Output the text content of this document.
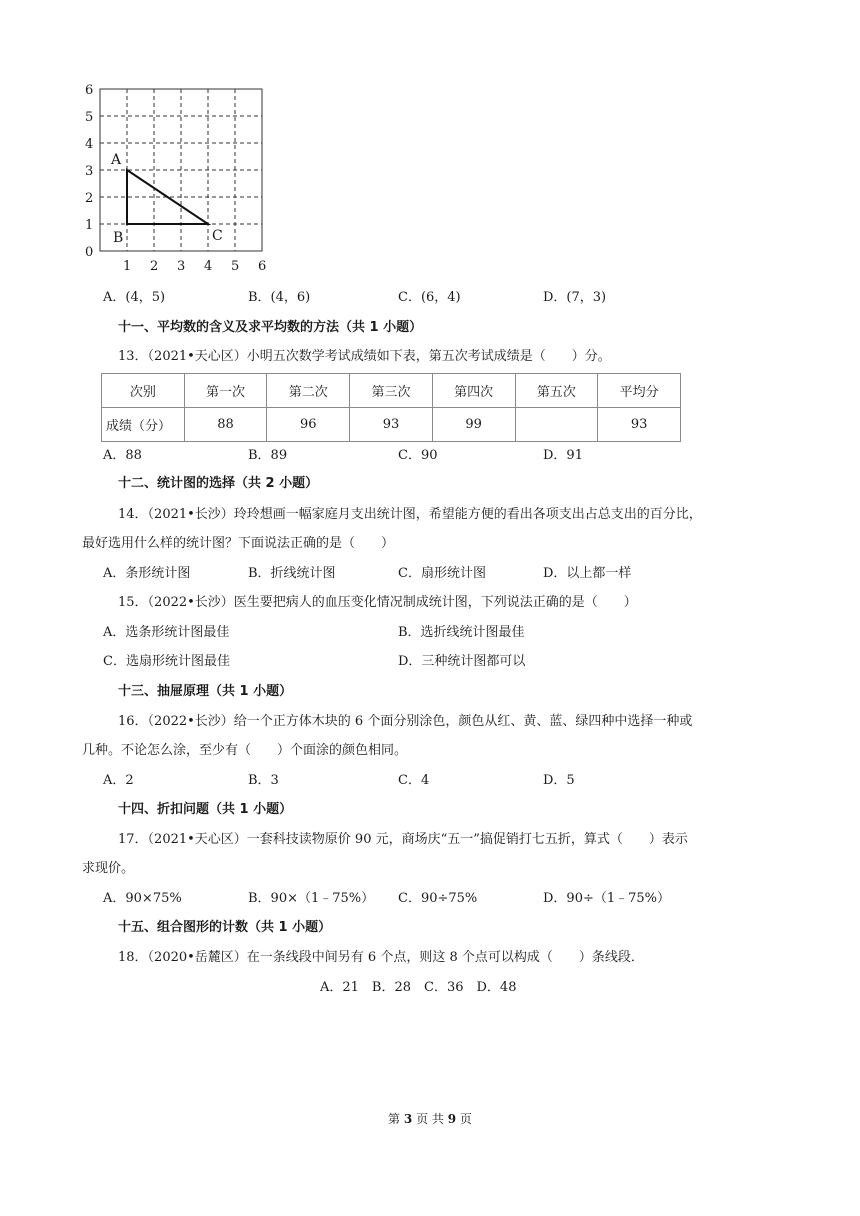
6
5
4
3
2
1
0
1 2 3 4 5 6
A
B	C
A．(4，5)	B．(4，6)	C．(6，4)	D．(7，3)
十一、平均数的含义及求平均数的方法（共 1 小题）
13．（2021•天心区）小明五次数学考试成绩如下表，第五次考试成绩是（　　）分。
次别	第一次	第二次	第三次	第四次	第五次	平均分
成绩（分）	88	96	93	99		93
A．88	B．89	C．90	D．91
十二、统计图的选择（共 2 小题）
14．（2021•长沙）玲玲想画一幅家庭月支出统计图，希望能方便的看出各项支出占总支出的百分比，
最好选用什么样的统计图？下面说法正确的是（　　）
A．条形统计图	B．折线统计图	C．扇形统计图	D．以上都一样
15．（2022•长沙）医生要把病人的血压变化情况制成统计图，下列说法正确的是（　　）
A．选条形统计图最佳	B．选折线统计图最佳
C．选扇形统计图最佳	D．三种统计图都可以
十三、抽屉原理（共 1 小题）
16．（2022•长沙）给一个正方体木块的 6 个面分别涂色，颜色从红、黄、蓝、绿四种中选择一种或
几种。不论怎么涂，至少有（　　）个面涂的颜色相同。
A．2	B．3	C．4	D．5
十四、折扣问题（共 1 小题）
17．（2021•天心区）一套科技读物原价 90 元，商场庆“五一”搞促销打七五折，算式（　　）表示
求现价。
A．90×75%	B．90×（1﹣75%） C．90÷75%	D．90÷（1﹣75%）
十五、组合图形的计数（共 1 小题）
18．（2020•岳麓区）在一条线段中间另有 6 个点，则这 8 个点可以构成（　　）条线段．
A．21　B．28　C．36　D．48
第 3 页 共 9 页
